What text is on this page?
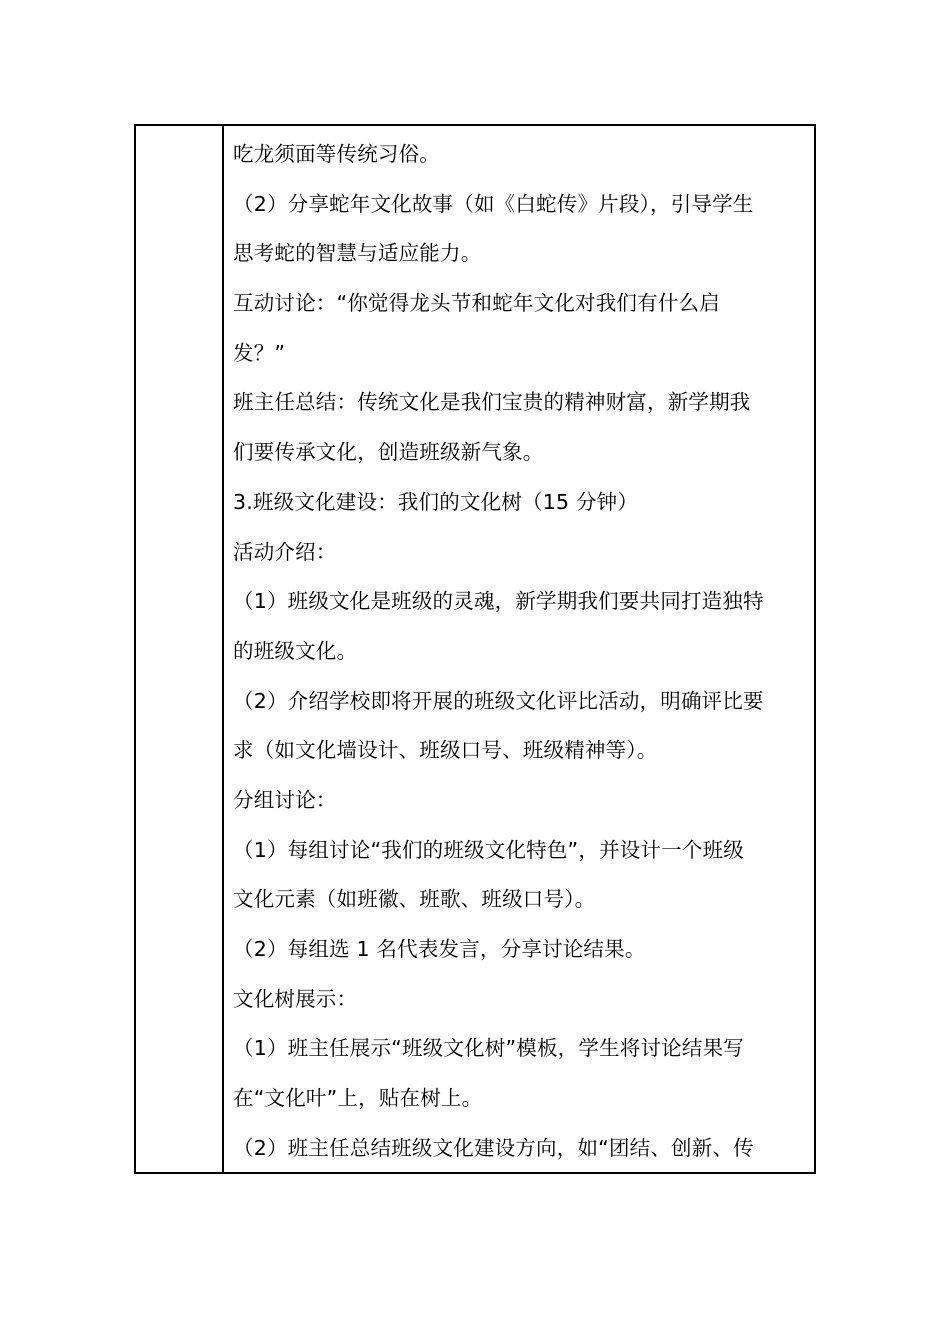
吃龙须面等传统习俗。
（2）分享蛇年文化故事（如《白蛇传》片段），引导学生
思考蛇的智慧与适应能力。
互动讨论：“你觉得龙头节和蛇年文化对我们有什么启
发？”
班主任总结：传统文化是我们宝贵的精神财富，新学期我
们要传承文化，创造班级新气象。
3.班级文化建设：我们的文化树（15 分钟）
活动介绍：
（1）班级文化是班级的灵魂，新学期我们要共同打造独特
的班级文化。
（2）介绍学校即将开展的班级文化评比活动，明确评比要
求（如文化墙设计、班级口号、班级精神等）。
分组讨论：
（1）每组讨论“我们的班级文化特色”，并设计一个班级
文化元素（如班徽、班歌、班级口号）。
（2）每组选 1 名代表发言，分享讨论结果。
文化树展示：
（1）班主任展示“班级文化树”模板，学生将讨论结果写
在“文化叶”上，贴在树上。
（2）班主任总结班级文化建设方向，如“团结、创新、传
